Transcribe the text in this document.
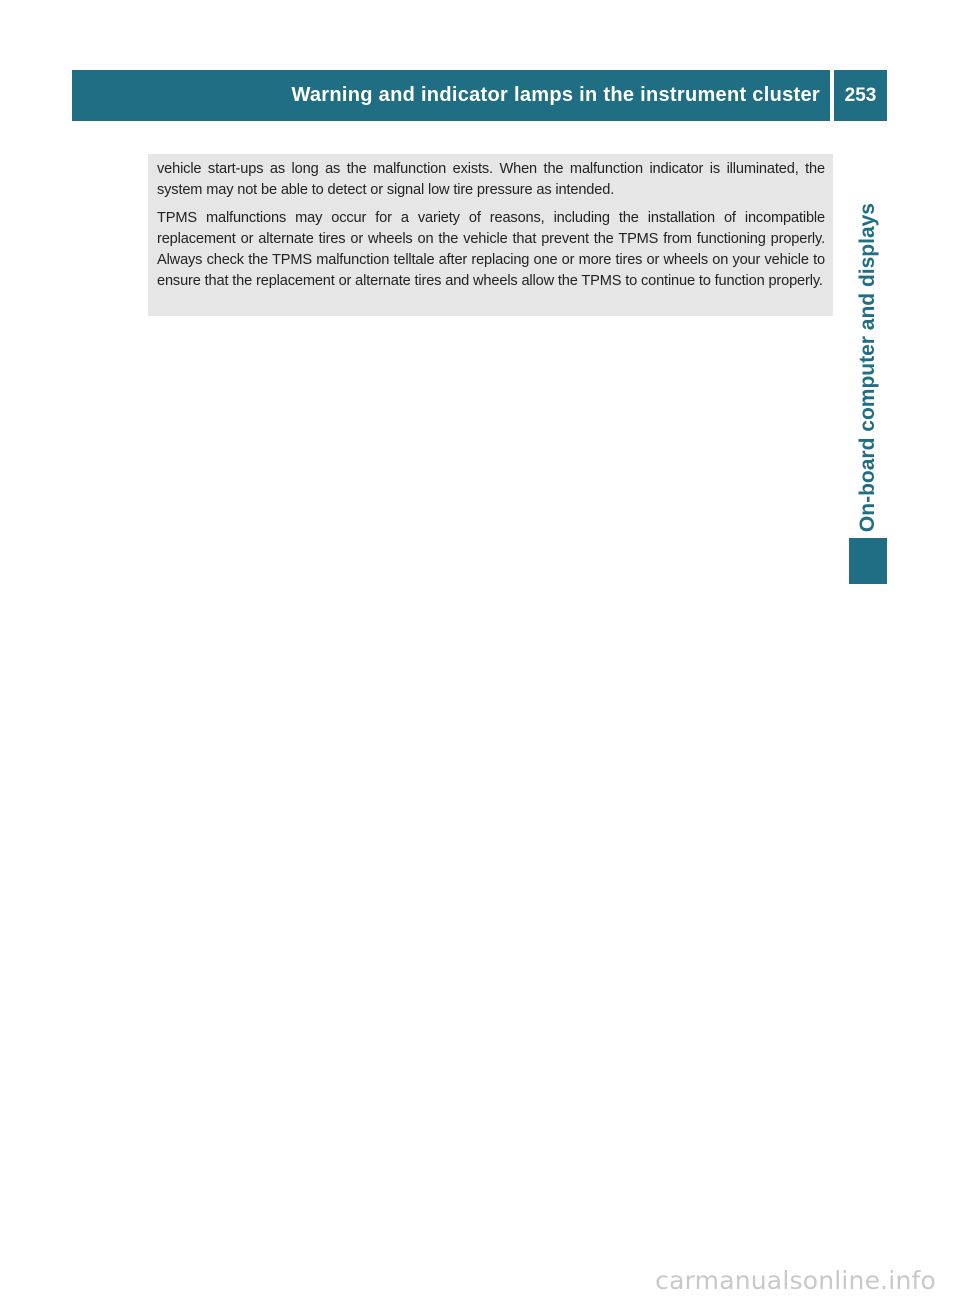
Warning and indicator lamps in the instrument cluster 253
On-board computer and displays

vehicle start-ups as long as the malfunction exists. When the malfunction indicator is illuminated, the system may not be able to detect or signal low tire pressure as intended.

TPMS malfunctions may occur for a variety of reasons, including the installation of incompatible replacement or alternate tires or wheels on the vehicle that prevent the TPMS from functioning properly. Always check the TPMS malfunction telltale after replacing one or more tires or wheels on your vehicle to ensure that the replacement or alternate tires and wheels allow the TPMS to continue to function properly.

carmanualsonline.info
